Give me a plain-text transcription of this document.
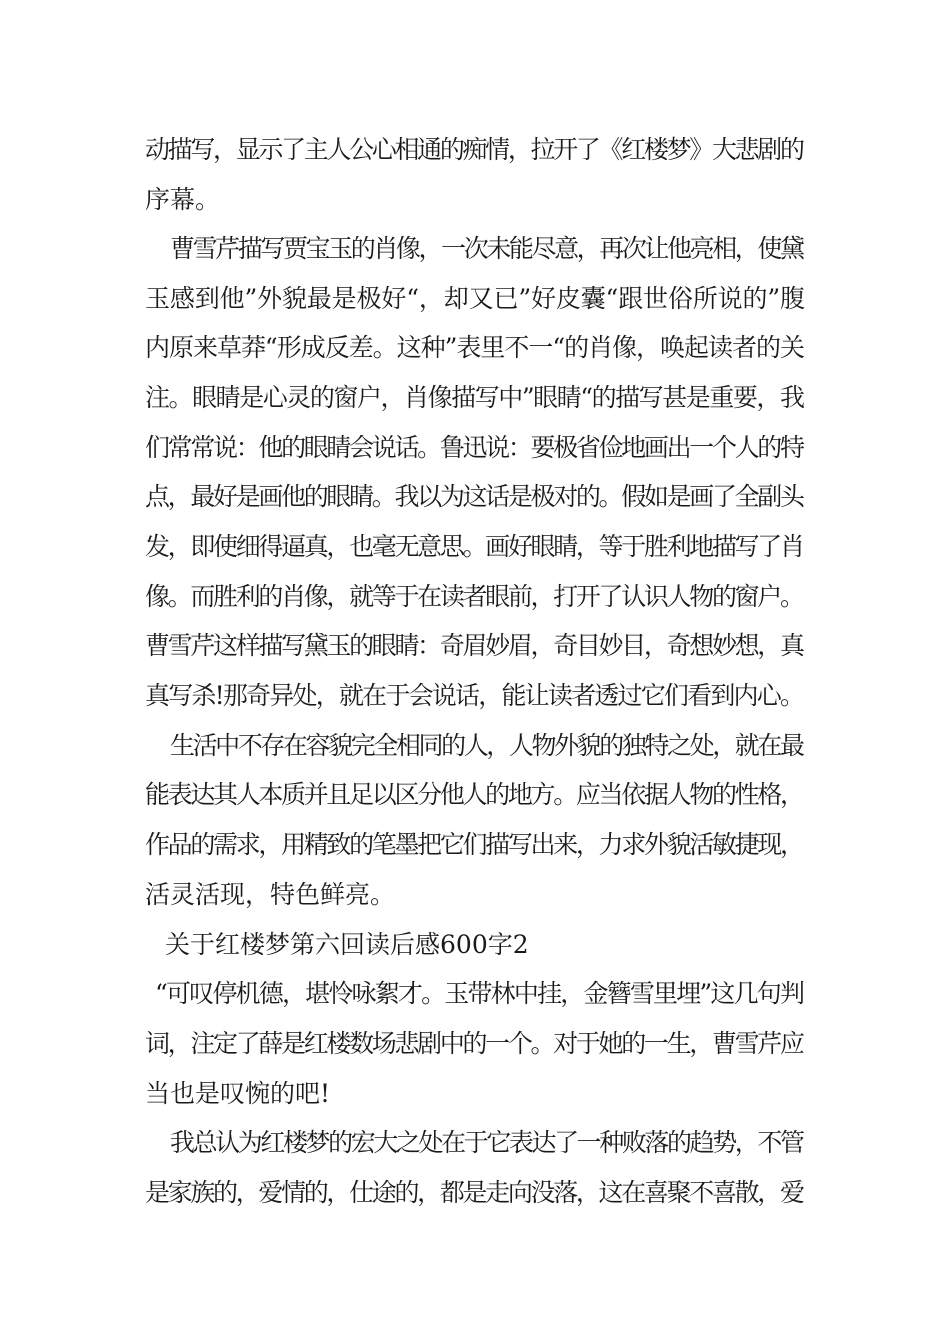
动描写，显示了主人公心相通的痴情，拉开了《红楼梦》大悲剧的
序幕。
曹雪芹描写贾宝玉的肖像，一次未能尽意，再次让他亮相，使黛
玉感到他”外貌最是极好“，却又已”好皮囊“跟世俗所说的”腹
内原来草莽“形成反差。这种”表里不一“的肖像，唤起读者的关
注。眼睛是心灵的窗户，肖像描写中”眼睛“的描写甚是重要，我
们常常说：他的眼睛会说话。鲁迅说：要极省俭地画出一个人的特
点，最好是画他的眼睛。我以为这话是极对的。假如是画了全副头
发，即使细得逼真，也毫无意思。画好眼睛，等于胜利地描写了肖
像。而胜利的肖像，就等于在读者眼前，打开了认识人物的窗户。
曹雪芹这样描写黛玉的眼睛：奇眉妙眉，奇目妙目，奇想妙想，真
真写杀!那奇异处，就在于会说话，能让读者透过它们看到内心。
生活中不存在容貌完全相同的人，人物外貌的独特之处，就在最
能表达其人本质并且足以区分他人的地方。应当依据人物的性格，
作品的需求，用精致的笔墨把它们描写出来，力求外貌活敏捷现，
活灵活现，特色鲜亮。
关于红楼梦第六回读后感600字2
“可叹停机德，堪怜咏絮才。玉带林中挂，金簪雪里埋”这几句判
词，注定了薛是红楼数场悲剧中的一个。对于她的一生，曹雪芹应
当也是叹惋的吧!
我总认为红楼梦的宏大之处在于它表达了一种败落的趋势，不管
是家族的，爱情的，仕途的，都是走向没落，这在喜聚不喜散，爱
